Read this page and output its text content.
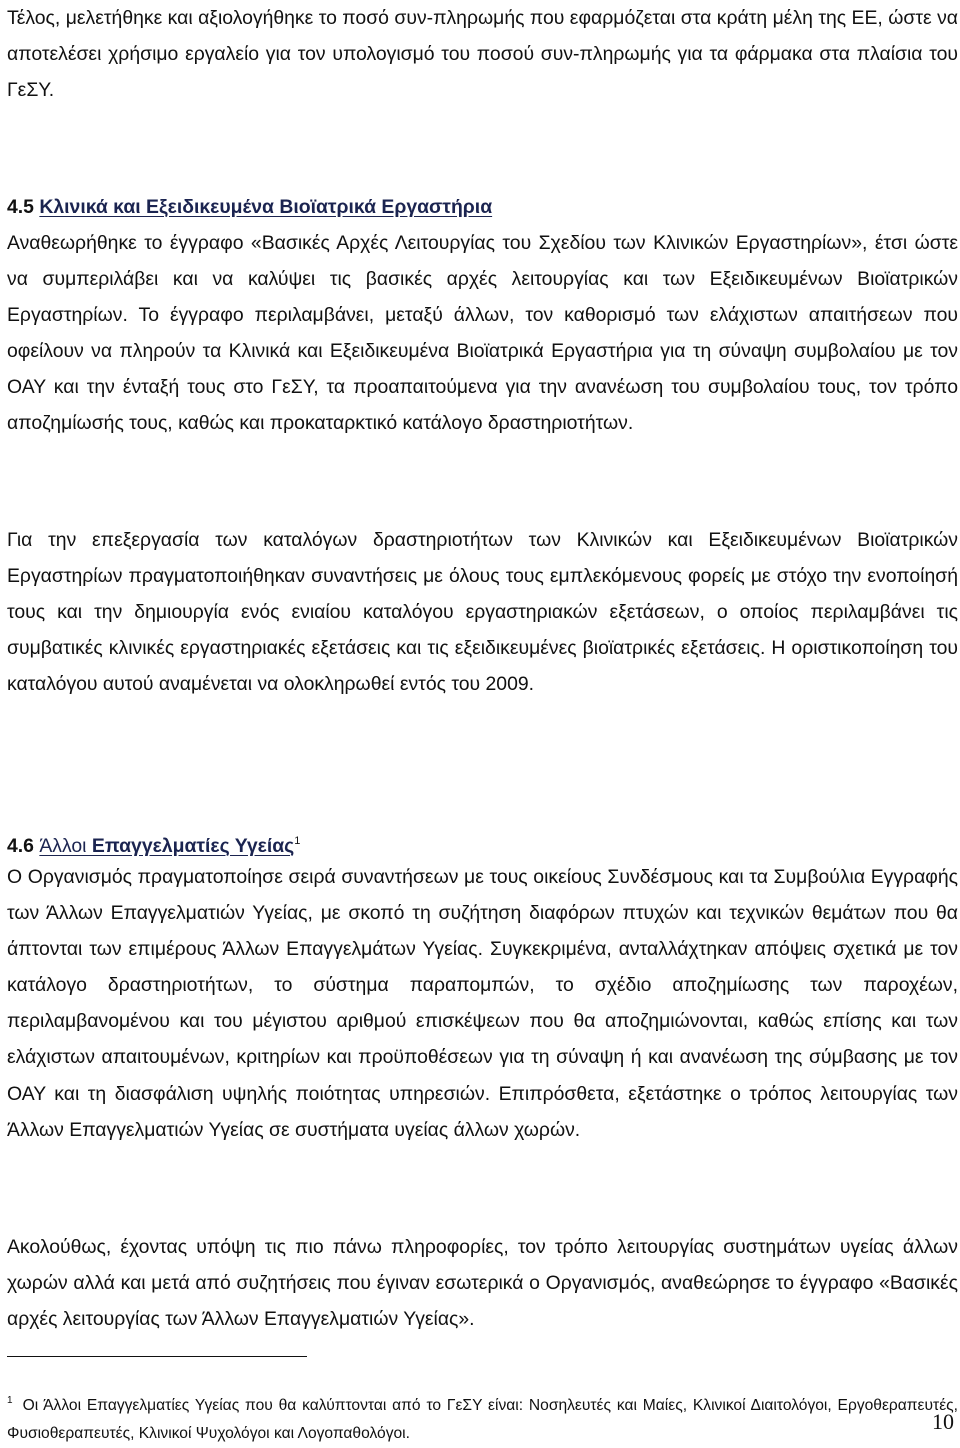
Τέλος, μελετήθηκε και αξιολογήθηκε το ποσό συν-πληρωμής που εφαρμόζεται στα κράτη μέλη της ΕΕ, ώστε να αποτελέσει χρήσιμο εργαλείο για τον υπολογισμό του ποσού συν-πληρωμής για τα φάρμακα στα πλαίσια του ΓεΣΥ.

4.5 Κλινικά και Εξειδικευμένα Βιοϊατρικά Εργαστήρια

Αναθεωρήθηκε το έγγραφο «Βασικές Αρχές Λειτουργίας του Σχεδίου των Κλινικών Εργαστηρίων», έτσι ώστε να συμπεριλάβει και να καλύψει τις βασικές αρχές λειτουργίας και των Εξειδικευμένων Βιοϊατρικών Εργαστηρίων. Το έγγραφο περιλαμβάνει, μεταξύ άλλων, τον καθορισμό των ελάχιστων απαιτήσεων που οφείλουν να πληρούν τα Κλινικά και Εξειδικευμένα Βιοϊατρικά Εργαστήρια για τη σύναψη συμβολαίου με τον ΟΑΥ και την ένταξή τους στο ΓεΣΥ, τα προαπαιτούμενα για την ανανέωση του συμβολαίου τους, τον τρόπο αποζημίωσής τους, καθώς και προκαταρκτικό κατάλογο δραστηριοτήτων.

Για την επεξεργασία των καταλόγων δραστηριοτήτων των Κλινικών και Εξειδικευμένων Βιοϊατρικών Εργαστηρίων πραγματοποιήθηκαν συναντήσεις με όλους τους εμπλεκόμενους φορείς με στόχο την ενοποίησή τους και την δημιουργία ενός ενιαίου καταλόγου εργαστηριακών εξετάσεων, ο οποίος περιλαμβάνει τις συμβατικές κλινικές εργαστηριακές εξετάσεις και τις εξειδικευμένες βιοϊατρικές εξετάσεις. Η οριστικοποίηση του καταλόγου αυτού αναμένεται να ολοκληρωθεί εντός του 2009.

4.6 Άλλοι Επαγγελματίες Υγείας$^1$

Ο Οργανισμός πραγματοποίησε σειρά συναντήσεων με τους οικείους Συνδέσμους και τα Συμβούλια Εγγραφής των Άλλων Επαγγελματιών Υγείας, με σκοπό τη συζήτηση διαφόρων πτυχών και τεχνικών θεμάτων που θα άπτονται των επιμέρους Άλλων Επαγγελμάτων Υγείας. Συγκεκριμένα, ανταλλάχτηκαν απόψεις σχετικά με τον κατάλογο δραστηριοτήτων, το σύστημα παραπομπών, το σχέδιο αποζημίωσης των παροχέων, περιλαμβανομένου και του μέγιστου αριθμού επισκέψεων που θα αποζημιώνονται, καθώς επίσης και των ελάχιστων απαιτουμένων, κριτηρίων και προϋποθέσεων για τη σύναψη ή και ανανέωση της σύμβασης με τον ΟΑΥ και τη διασφάλιση υψηλής ποιότητας υπηρεσιών. Επιπρόσθετα, εξετάστηκε ο τρόπος λειτουργίας των Άλλων Επαγγελματιών Υγείας σε συστήματα υγείας άλλων χωρών.

Ακολούθως, έχοντας υπόψη τις πιο πάνω πληροφορίες, τον τρόπο λειτουργίας συστημάτων υγείας άλλων χωρών αλλά και μετά από συζητήσεις που έγιναν εσωτερικά ο Οργανισμός, αναθεώρησε το έγγραφο «Βασικές αρχές λειτουργίας των Άλλων Επαγγελματιών Υγείας».

$^1$ Οι Άλλοι Επαγγελματίες Υγείας που θα καλύπτονται από το ΓεΣΥ είναι: Νοσηλευτές και Μαίες, Κλινικοί Διαιτολόγοι, Εργοθεραπευτές, Φυσιοθεραπευτές, Κλινικοί Ψυχολόγοι και Λογοπαθολόγοι.	10
